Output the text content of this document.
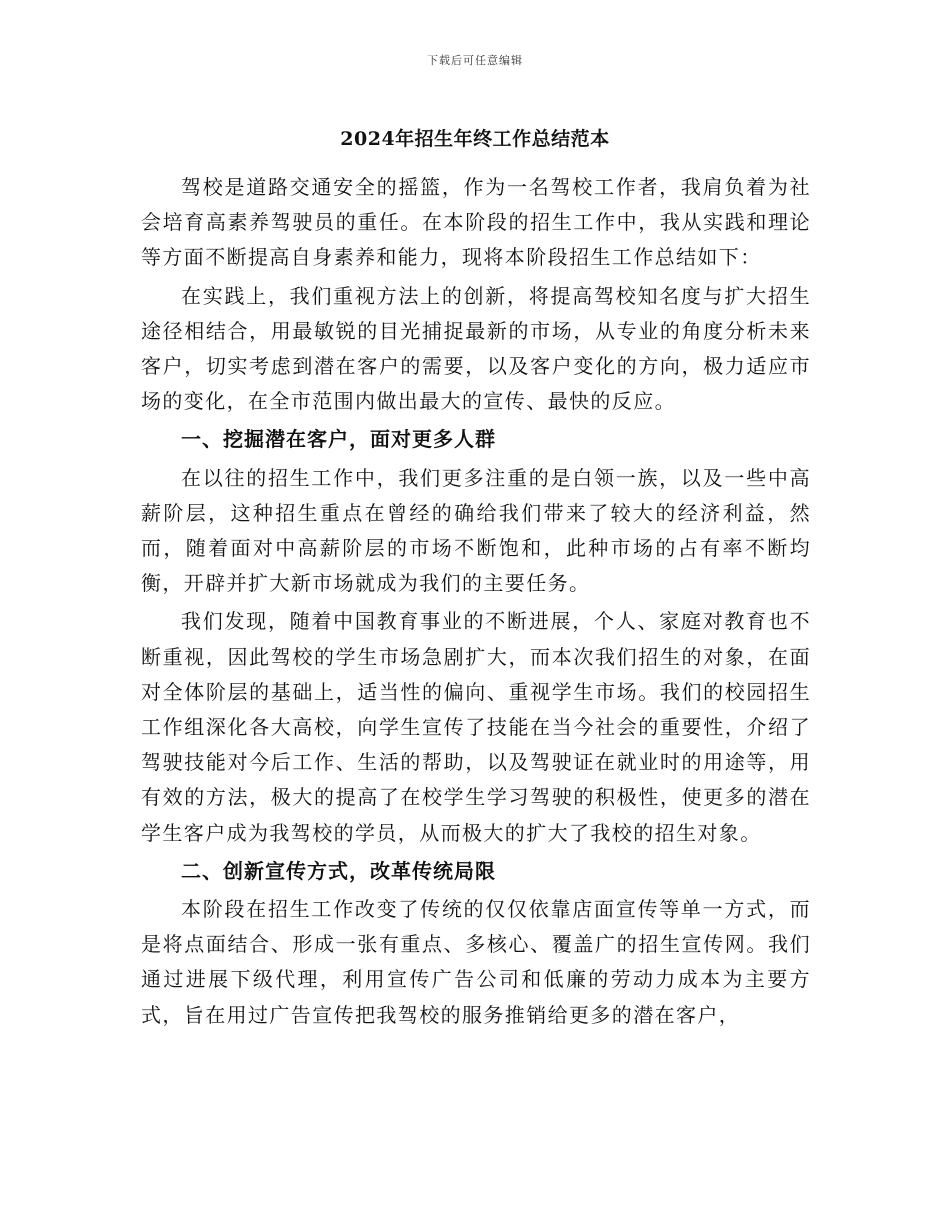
下载后可任意编辑
2024年招生年终工作总结范本

驾校是道路交通安全的摇篮，作为一名驾校工作者，我肩负着为社会培育高素养驾驶员的重任。在本阶段的招生工作中，我从实践和理论等方面不断提高自身素养和能力，现将本阶段招生工作总结如下：

在实践上，我们重视方法上的创新，将提高驾校知名度与扩大招生途径相结合，用最敏锐的目光捕捉最新的市场，从专业的角度分析未来客户，切实考虑到潜在客户的需要，以及客户变化的方向，极力适应市场的变化，在全市范围内做出最大的宣传、最快的反应。

一、挖掘潜在客户，面对更多人群

在以往的招生工作中，我们更多注重的是白领一族，以及一些中高薪阶层，这种招生重点在曾经的确给我们带来了较大的经济利益，然而，随着面对中高薪阶层的市场不断饱和，此种市场的占有率不断均衡，开辟并扩大新市场就成为我们的主要任务。

我们发现，随着中国教育事业的不断进展，个人、家庭对教育也不断重视，因此驾校的学生市场急剧扩大，而本次我们招生的对象，在面对全体阶层的基础上，适当性的偏向、重视学生市场。我们的校园招生工作组深化各大高校，向学生宣传了技能在当今社会的重要性，介绍了驾驶技能对今后工作、生活的帮助，以及驾驶证在就业时的用途等，用有效的方法，极大的提高了在校学生学习驾驶的积极性，使更多的潜在学生客户成为我驾校的学员，从而极大的扩大了我校的招生对象。

二、创新宣传方式，改革传统局限

本阶段在招生工作改变了传统的仅仅依靠店面宣传等单一方式，而是将点面结合、形成一张有重点、多核心、覆盖广的招生宣传网。我们通过进展下级代理，利用宣传广告公司和低廉的劳动力成本为主要方式，旨在用过广告宣传把我驾校的服务推销给更多的潜在客户，
